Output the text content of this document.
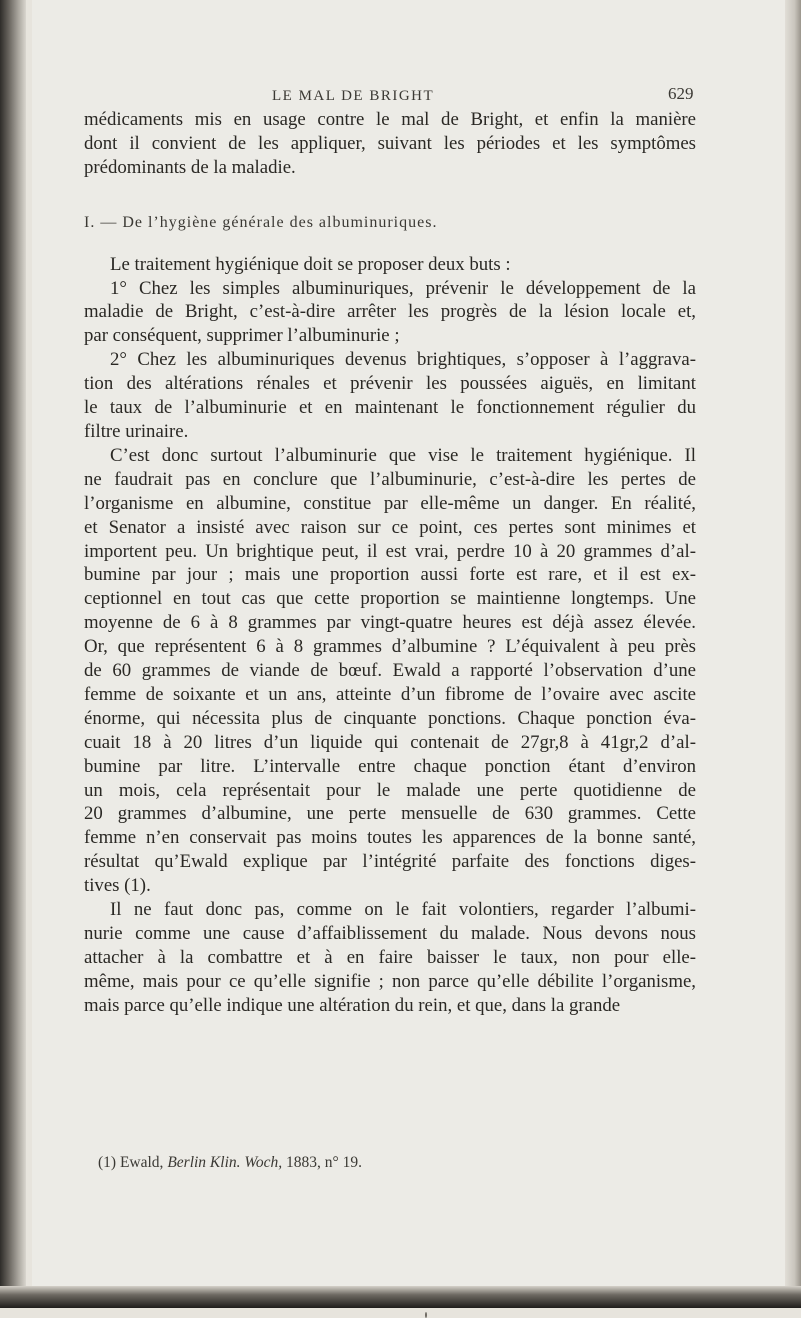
LE MAL DE BRIGHT	629

médicaments mis en usage contre le mal de Bright, et enfin la manière
dont il convient de les appliquer, suivant les périodes et les symptômes
prédominants de la maladie.

I. — De l’hygiène générale des albuminuriques.

Le traitement hygiénique doit se proposer deux buts :

1° Chez les simples albuminuriques, prévenir le développement de la
maladie de Bright, c’est-à-dire arrêter les progrès de la lésion locale et,
par conséquent, supprimer l’albuminurie ;

2° Chez les albuminuriques devenus brightiques, s’opposer à l’aggrava-
tion des altérations rénales et prévenir les poussées aiguës, en limitant
le taux de l’albuminurie et en maintenant le fonctionnement régulier du
filtre urinaire.

C’est donc surtout l’albuminurie que vise le traitement hygiénique. Il
ne faudrait pas en conclure que l’albuminurie, c’est-à-dire les pertes de
l’organisme en albumine, constitue par elle-même un danger. En réalité,
et Senator a insisté avec raison sur ce point, ces pertes sont minimes et
importent peu. Un brightique peut, il est vrai, perdre 10 à 20 grammes d’al-
bumine par jour ; mais une proportion aussi forte est rare, et il est ex-
ceptionnel en tout cas que cette proportion se maintienne longtemps. Une
moyenne de 6 à 8 grammes par vingt-quatre heures est déjà assez élevée.
Or, que représentent 6 à 8 grammes d’albumine ? L’équivalent à peu près
de 60 grammes de viande de bœuf. Ewald a rapporté l’observation d’une
femme de soixante et un ans, atteinte d’un fibrome de l’ovaire avec ascite
énorme, qui nécessita plus de cinquante ponctions. Chaque ponction éva-
cuait 18 à 20 litres d’un liquide qui contenait de 27gr,8 à 41gr,2 d’al-
bumine par litre. L’intervalle entre chaque ponction étant d’environ
un mois, cela représentait pour le malade une perte quotidienne de
20 grammes d’albumine, une perte mensuelle de 630 grammes. Cette
femme n’en conservait pas moins toutes les apparences de la bonne santé,
résultat qu’Ewald explique par l’intégrité parfaite des fonctions diges-
tives (1).

Il ne faut donc pas, comme on le fait volontiers, regarder l’albumi-
nurie comme une cause d’affaiblissement du malade. Nous devons nous
attacher à la combattre et à en faire baisser le taux, non pour elle-
même, mais pour ce qu’elle signifie ; non parce qu’elle débilite l’organisme,
mais parce qu’elle indique une altération du rein, et que, dans la grande

(1) Ewald, Berlin Klin. Woch, 1883, n° 19.
